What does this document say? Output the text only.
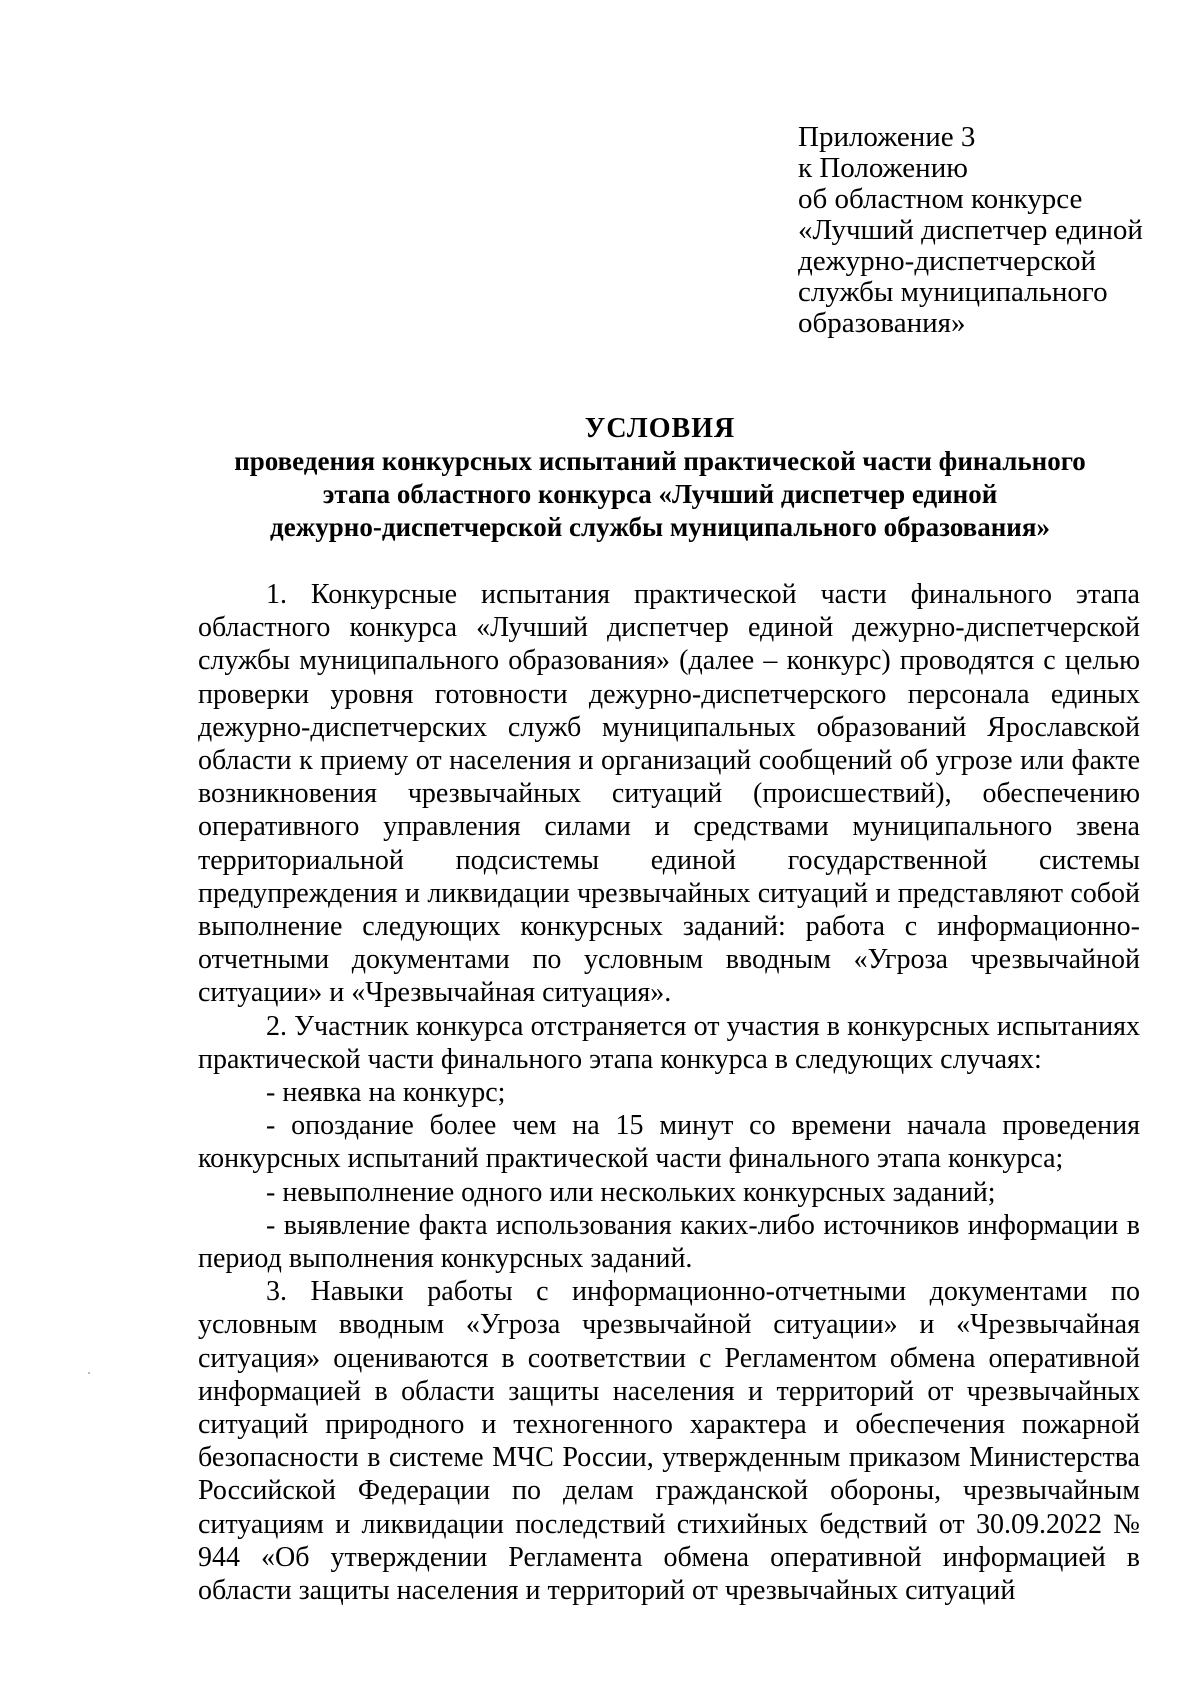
Приложение 3
к Положению
об областном конкурсе
«Лучший диспетчер единой
дежурно-диспетчерской
службы муниципального
образования»
УСЛОВИЯ
проведения конкурсных испытаний практической части финального
этапа областного конкурса «Лучший диспетчер единой
дежурно-диспетчерской службы муниципального образования»

1. Конкурсные испытания практической части финального этапа областного конкурса «Лучший диспетчер единой дежурно-диспетчерской службы муниципального образования» (далее – конкурс) проводятся с целью проверки уровня готовности дежурно-диспетчерского персонала единых дежурно-диспетчерских служб муниципальных образований Ярославской области к приему от населения и организаций сообщений об угрозе или факте возникновения чрезвычайных ситуаций (происшествий), обеспечению оперативного управления силами и средствами муниципального звена территориальной подсистемы единой государственной системы предупреждения и ликвидации чрезвычайных ситуаций и представляют собой выполнение следующих конкурсных заданий: работа с информационно-отчетными документами по условным вводным «Угроза чрезвычайной ситуации» и «Чрезвычайная ситуация».

2. Участник конкурса отстраняется от участия в конкурсных испытаниях практической части финального этапа конкурса в следующих случаях:

- неявка на конкурс;

- опоздание более чем на 15 минут со времени начала проведения конкурсных испытаний практической части финального этапа конкурса;

- невыполнение одного или нескольких конкурсных заданий;

- выявление факта использования каких-либо источников информации в период выполнения конкурсных заданий.

3. Навыки работы с информационно-отчетными документами по условным вводным «Угроза чрезвычайной ситуации» и «Чрезвычайная ситуация» оцениваются в соответствии с Регламентом обмена оперативной информацией в области защиты населения и территорий от чрезвычайных ситуаций природного и техногенного характера и обеспечения пожарной безопасности в системе МЧС России, утвержденным приказом Министерства Российской Федерации по делам гражданской обороны, чрезвычайным ситуациям и ликвидации последствий стихийных бедствий от 30.09.2022 № 944 «Об утверждении Регламента обмена оперативной информацией в области защиты населения и территорий от чрезвычайных ситуаций
